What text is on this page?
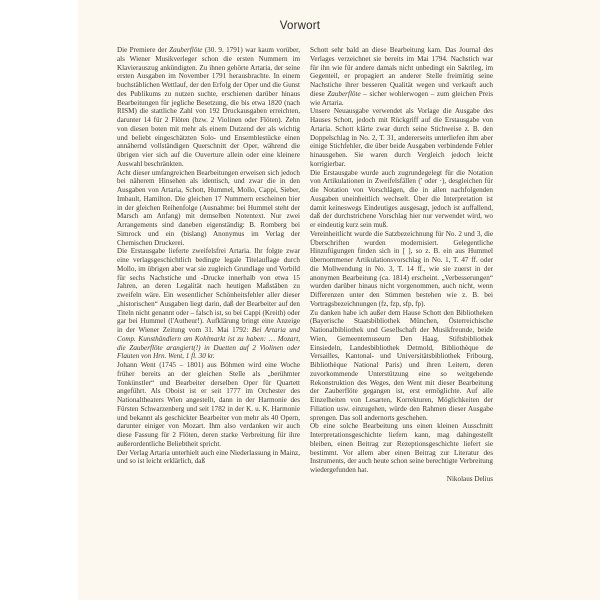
Vorwort

Die Premiere der Zauberflöte (30. 9. 1791) war kaum vorüber, als Wiener Musikverleger schon die ersten Nummern im Klavierauszug ankündigten. Zu ihnen gehörte Artaria, der seine ersten Ausgaben im November 1791 herausbrachte. In einem buchstäblichen Wettlauf, der den Erfolg der Oper und die Gunst des Publikums zu nutzen suchte, erschienen darüber hinaus Bearbeitungen für jegliche Besetzung, die bis etwa 1820 (nach RISM) die stattliche Zahl von 192 Druckausgaben erreichten, darunter 14 für 2 Flöten (bzw. 2 Violinen oder Flöten). Zehn von diesen boten mit mehr als einem Dutzend der als wichtig und beliebt eingeschätzten Solo- und Ensemblestücke einen annähernd vollständigen Querschnitt der Oper, während die übrigen vier sich auf die Ouverture allein oder eine kleinere Auswahl beschränkten.

Acht dieser umfangreichen Bearbeitungen erweisen sich jedoch bei näherem Hinsehen als identisch, und zwar die in den Ausgaben von Artaria, Schott, Hummel, Mollo, Cappi, Sieber, Imbault, Hamilton. Die gleichen 17 Nummern erscheinen hier in der gleichen Reihenfolge (Ausnahme: bei Hummel steht der Marsch am Anfang) mit demselben Notentext. Nur zwei Arrangements sind daneben eigenständig: B. Romberg bei Simrock und ein (bislang) Anonymus im Verlag der Chemischen Druckerei.

Die Erstausgabe lieferte zweifelsfrei Artaria. Ihr folgte zwar eine verlagsgeschichtlich bedingte legale Titelauflage durch Mollo, im übrigen aber war sie zugleich Grundlage und Vorbild für sechs Nachstiche und -Drucke innerhalb von etwa 15 Jahren, an deren Legalität nach heutigen Maßstäben zu zweifeln wäre. Ein wesentlicher Schönheitsfehler aller dieser „historischen“ Ausgaben liegt darin, daß der Bearbeiter auf den Titeln nicht genannt oder – falsch ist, so bei Cappi (Kreith) oder gar bei Hummel (l'Autheur!). Aufklärung bringt eine Anzeige in der Wiener Zeitung vom 31. Mai 1792: Bei Artaria und Comp. Kunsthändlern am Kohlmarkt ist zu haben: … Mozart, die Zauberflöte arangiert(!) in Duetten auf 2 Violinen oder Flauten von Hrn. Went, 1 fl. 30 kr.

Johann Went (1745 – 1801) aus Böhmen wird eine Woche früher bereits an der gleichen Stelle als „berühmter Tonkünstler“ und Bearbeiter derselben Oper für Quartett angeführt. Als Oboist ist er seit 1777 im Orchester des Nationaltheaters Wien angestellt, dann in der Harmonie des Fürsten Schwarzenberg und seit 1782 in der K. u. K. Harmonie und bekannt als geschickter Bearbeiter von mehr als 40 Opern, darunter einiger von Mozart. Ihm also verdanken wir auch diese Fassung für 2 Flöten, deren starke Verbreitung für ihre außerordentliche Beliebtheit spricht.

Der Verlag Artaria unterhielt auch eine Niederlassung in Mainz, und so ist leicht erklärlich, daß

Schott sehr bald an diese Bearbeitung kam. Das Journal des Verlages verzeichnet sie bereits im Mai 1794. Nachstich war für ihn wie für andere damals nicht unbedingt ein Sakrileg, im Gegenteil, er propagiert an anderer Stelle freimütig seine Nachstiche ihrer besseren Qualität wegen und verkauft auch diese Zauberflöte – sicher wohlerwogen – zum gleichen Preis wie Artaria.

Unsere Neuausgabe verwendet als Vorlage die Ausgabe des Hauses Schott, jedoch mit Rückgriff auf die Erstausgabe von Artaria. Schott klärte zwar durch seine Stichweise z. B. den Doppelschlag in No. 2, T. 31, andererseits unterliefen ihm aber einige Stichfehler, die über beide Ausgaben verbindende Fehler hinausgehen. Sie waren durch Vergleich jedoch leicht korrigierbar.

Die Erstausgabe wurde auch zugrundegelegt für die Notation von Artikulationen in Zweifelsfällen (' oder ·), desgleichen für die Notation von Vorschlägen, die in allen nachfolgenden Ausgaben uneinheitlich wechselt. Über die Interpretation ist damit keineswegs Eindeutiges ausgesagt, jedoch ist auffallend, daß der durchstrichene Vorschlag hier nur verwendet wird, wo er eindeutig kurz sein muß.

Vereinheitlicht wurde die Satzbezeichnung für No. 2 und 3, die Überschriften wurden modernisiert. Gelegentliche Hinzufügungen finden sich in [ ], so z. B. ein aus Hummel übernommener Artikulationsvorschlag in No. 1, T. 47 ff. oder die Mollwendung in No. 3, T. 14 ff., wie sie zuerst in der anonymen Bearbeitung (ca. 1814) erscheint. „Verbesserungen“ wurden darüber hinaus nicht vorgenommen, auch nicht, wenn Differenzen unter den Stimmen bestehen wie z. B. bei Vortragsbezeichnungen (fz, fzp, sfp, fp).

Zu danken habe ich außer dem Hause Schott den Bibliotheken (Bayerische Staatsbibliothek München, Österreichische Nationalbibliothek und Gesellschaft der Musikfreunde, beide Wien, Gemeentemuseum Den Haag, Stiftsbibliothek Einsiedeln, Landesbibliothek Detmold, Bibliothèque de Versailles, Kantonal- und Universitätsbibliothek Fribourg, Bibliothèque National Paris) und ihren Leitern, deren zuvorkommende Unterstützung eine so weitgehende Rekonstruktion des Weges, den Went mit dieser Bearbeitung der Zauberflöte gegangen ist, erst ermöglichte. Auf alle Einzelheiten von Lesarten, Korrekturen, Möglichkeiten der Filiation usw. einzugehen, würde den Rahmen dieser Ausgabe sprengen. Das soll andernorts geschehen.

Ob eine solche Bearbeitung uns einen kleinen Ausschnitt Interpretationsgeschichte liefern kann, mag dahingestellt bleiben, einen Beitrag zur Rezeptionsgeschichte liefert sie bestimmt. Vor allem aber einen Beitrag zur Literatur des Instruments, der auch heute schon seine berechtigte Verbreitung wiedergefunden hat.

Nikolaus Delius
